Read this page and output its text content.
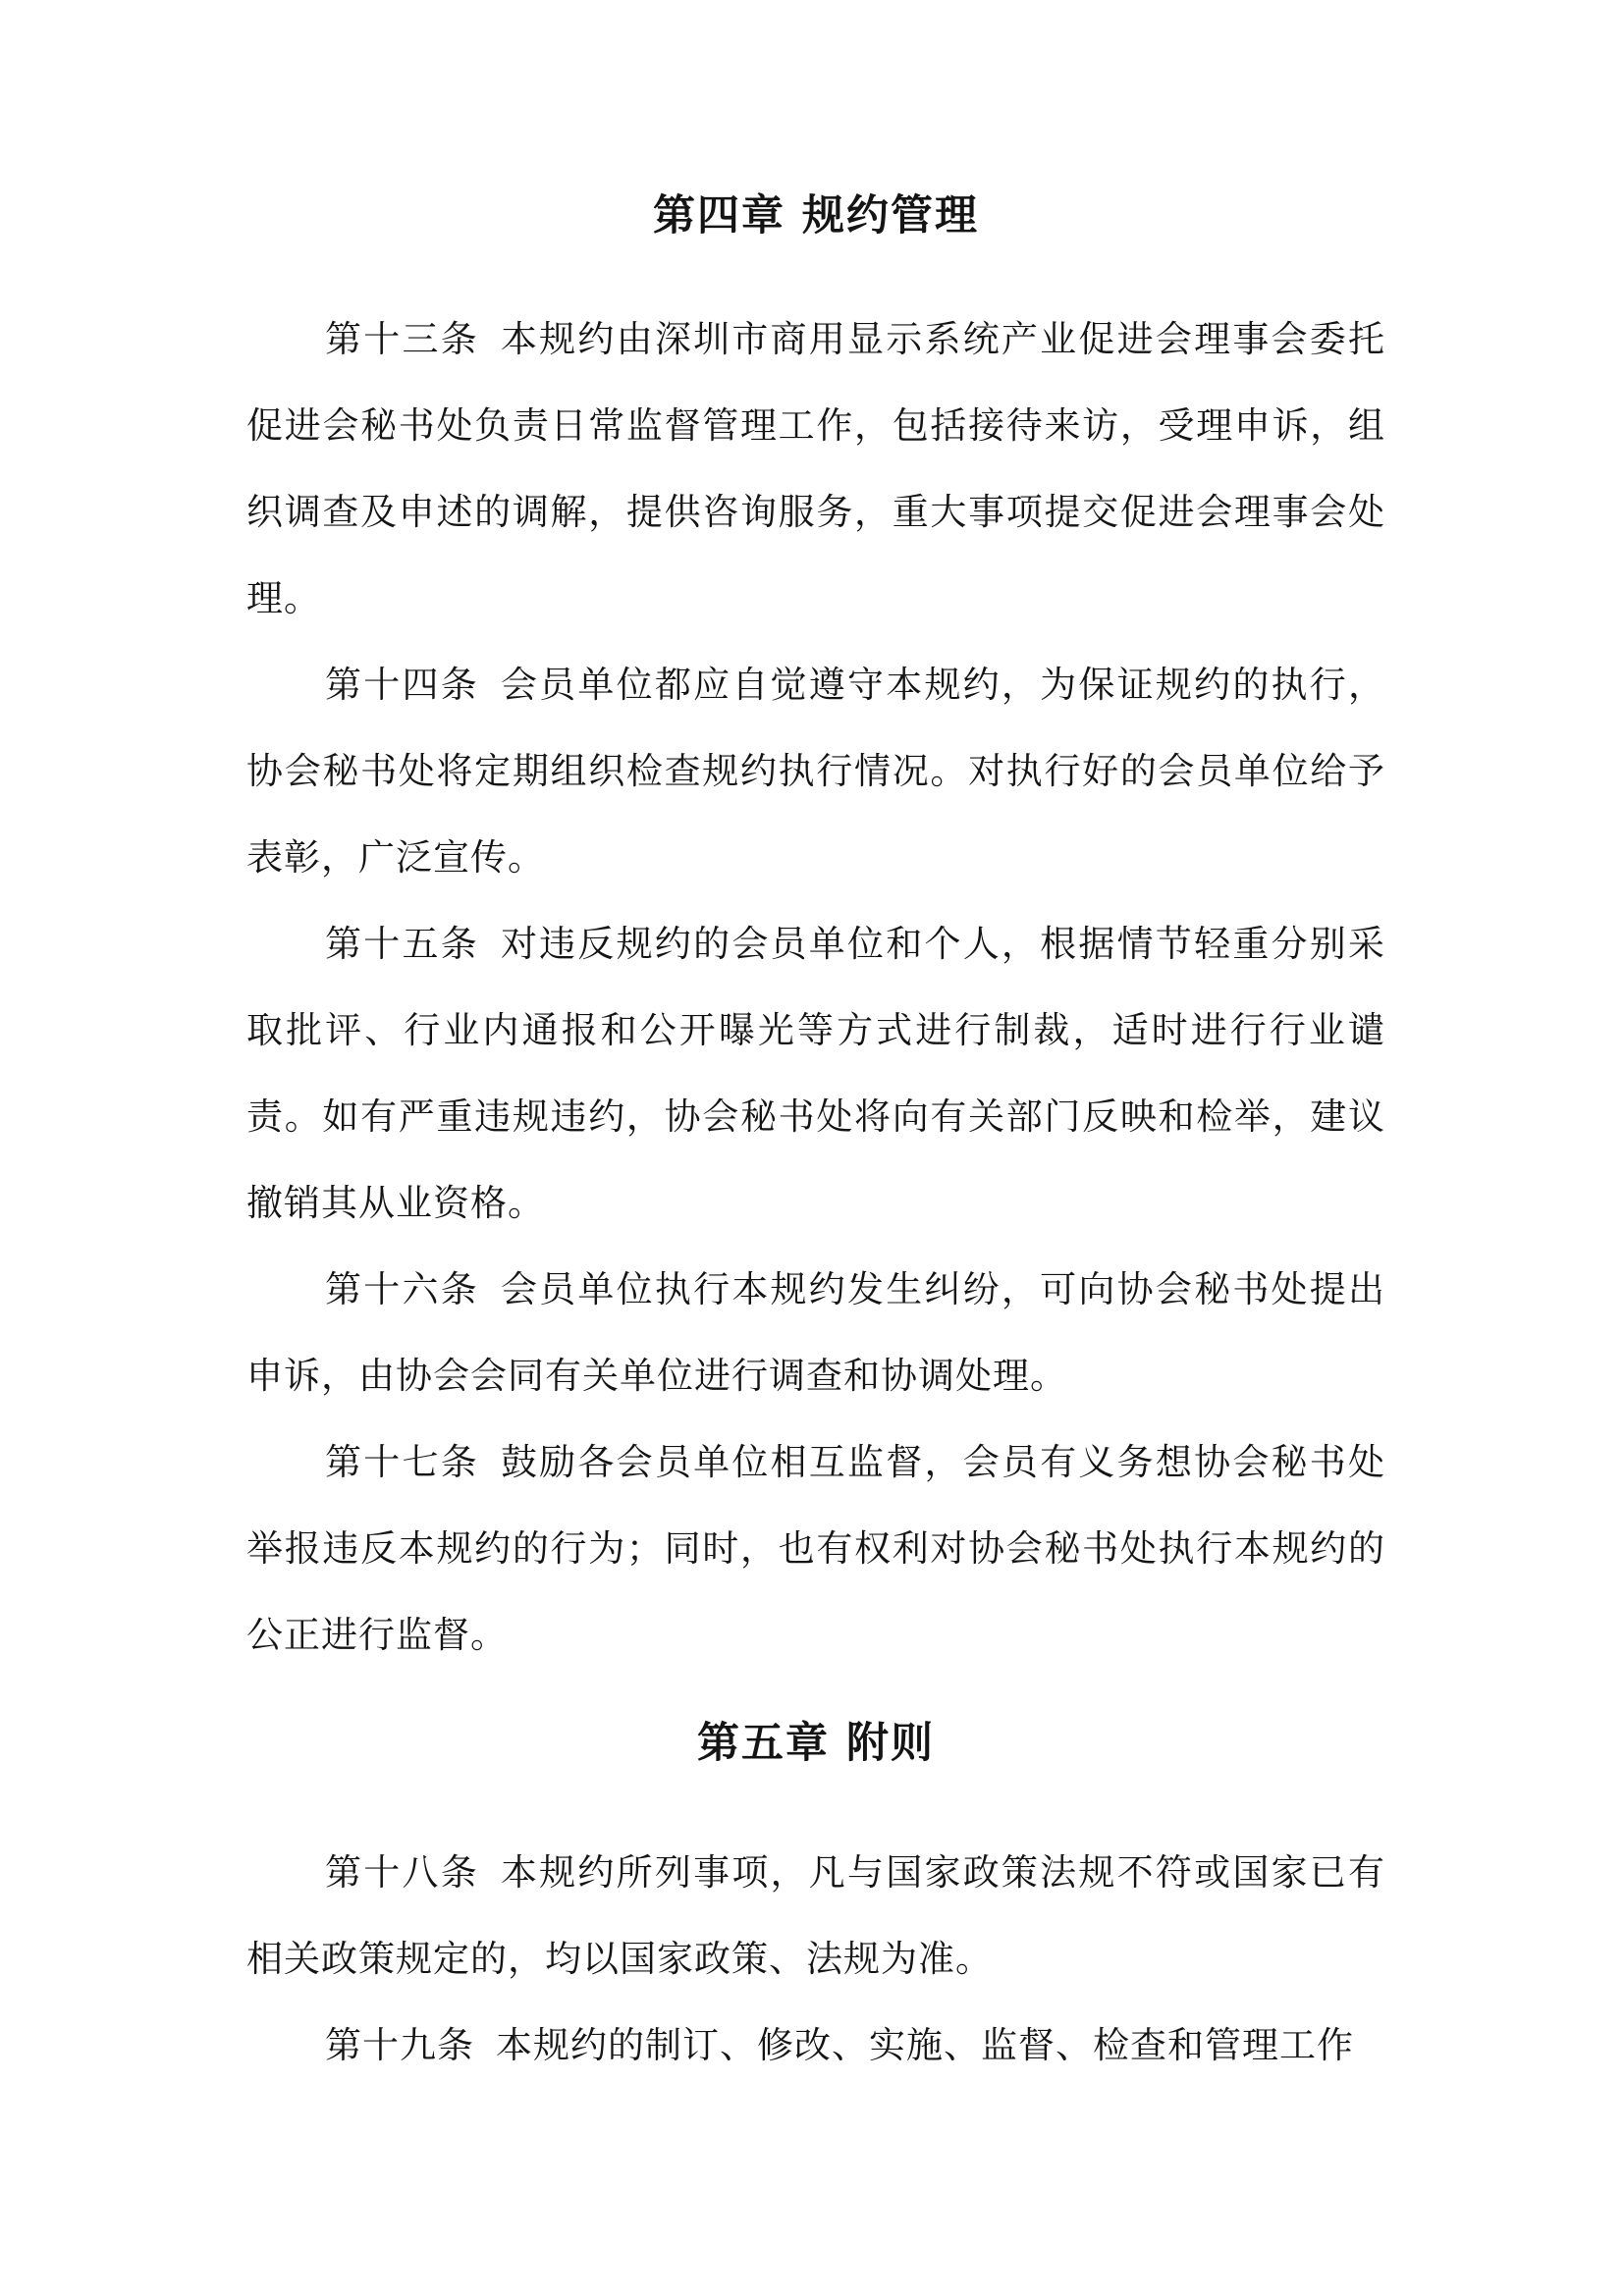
第四章 规约管理

第十三条 本规约由深圳市商用显示系统产业促进会理事会委托促进会秘书处负责日常监督管理工作，包括接待来访，受理申诉，组织调查及申述的调解，提供咨询服务，重大事项提交促进会理事会处理。

第十四条 会员单位都应自觉遵守本规约，为保证规约的执行，协会秘书处将定期组织检查规约执行情况。对执行好的会员单位给予表彰，广泛宣传。

第十五条 对违反规约的会员单位和个人，根据情节轻重分别采取批评、行业内通报和公开曝光等方式进行制裁，适时进行行业谴责。如有严重违规违约，协会秘书处将向有关部门反映和检举，建议撤销其从业资格。

第十六条 会员单位执行本规约发生纠纷，可向协会秘书处提出申诉，由协会会同有关单位进行调查和协调处理。

第十七条 鼓励各会员单位相互监督，会员有义务想协会秘书处举报违反本规约的行为；同时，也有权利对协会秘书处执行本规约的公正进行监督。

第五章 附则

第十八条 本规约所列事项，凡与国家政策法规不符或国家已有相关政策规定的，均以国家政策、法规为准。

第十九条 本规约的制订、修改、实施、监督、检查和管理工作
